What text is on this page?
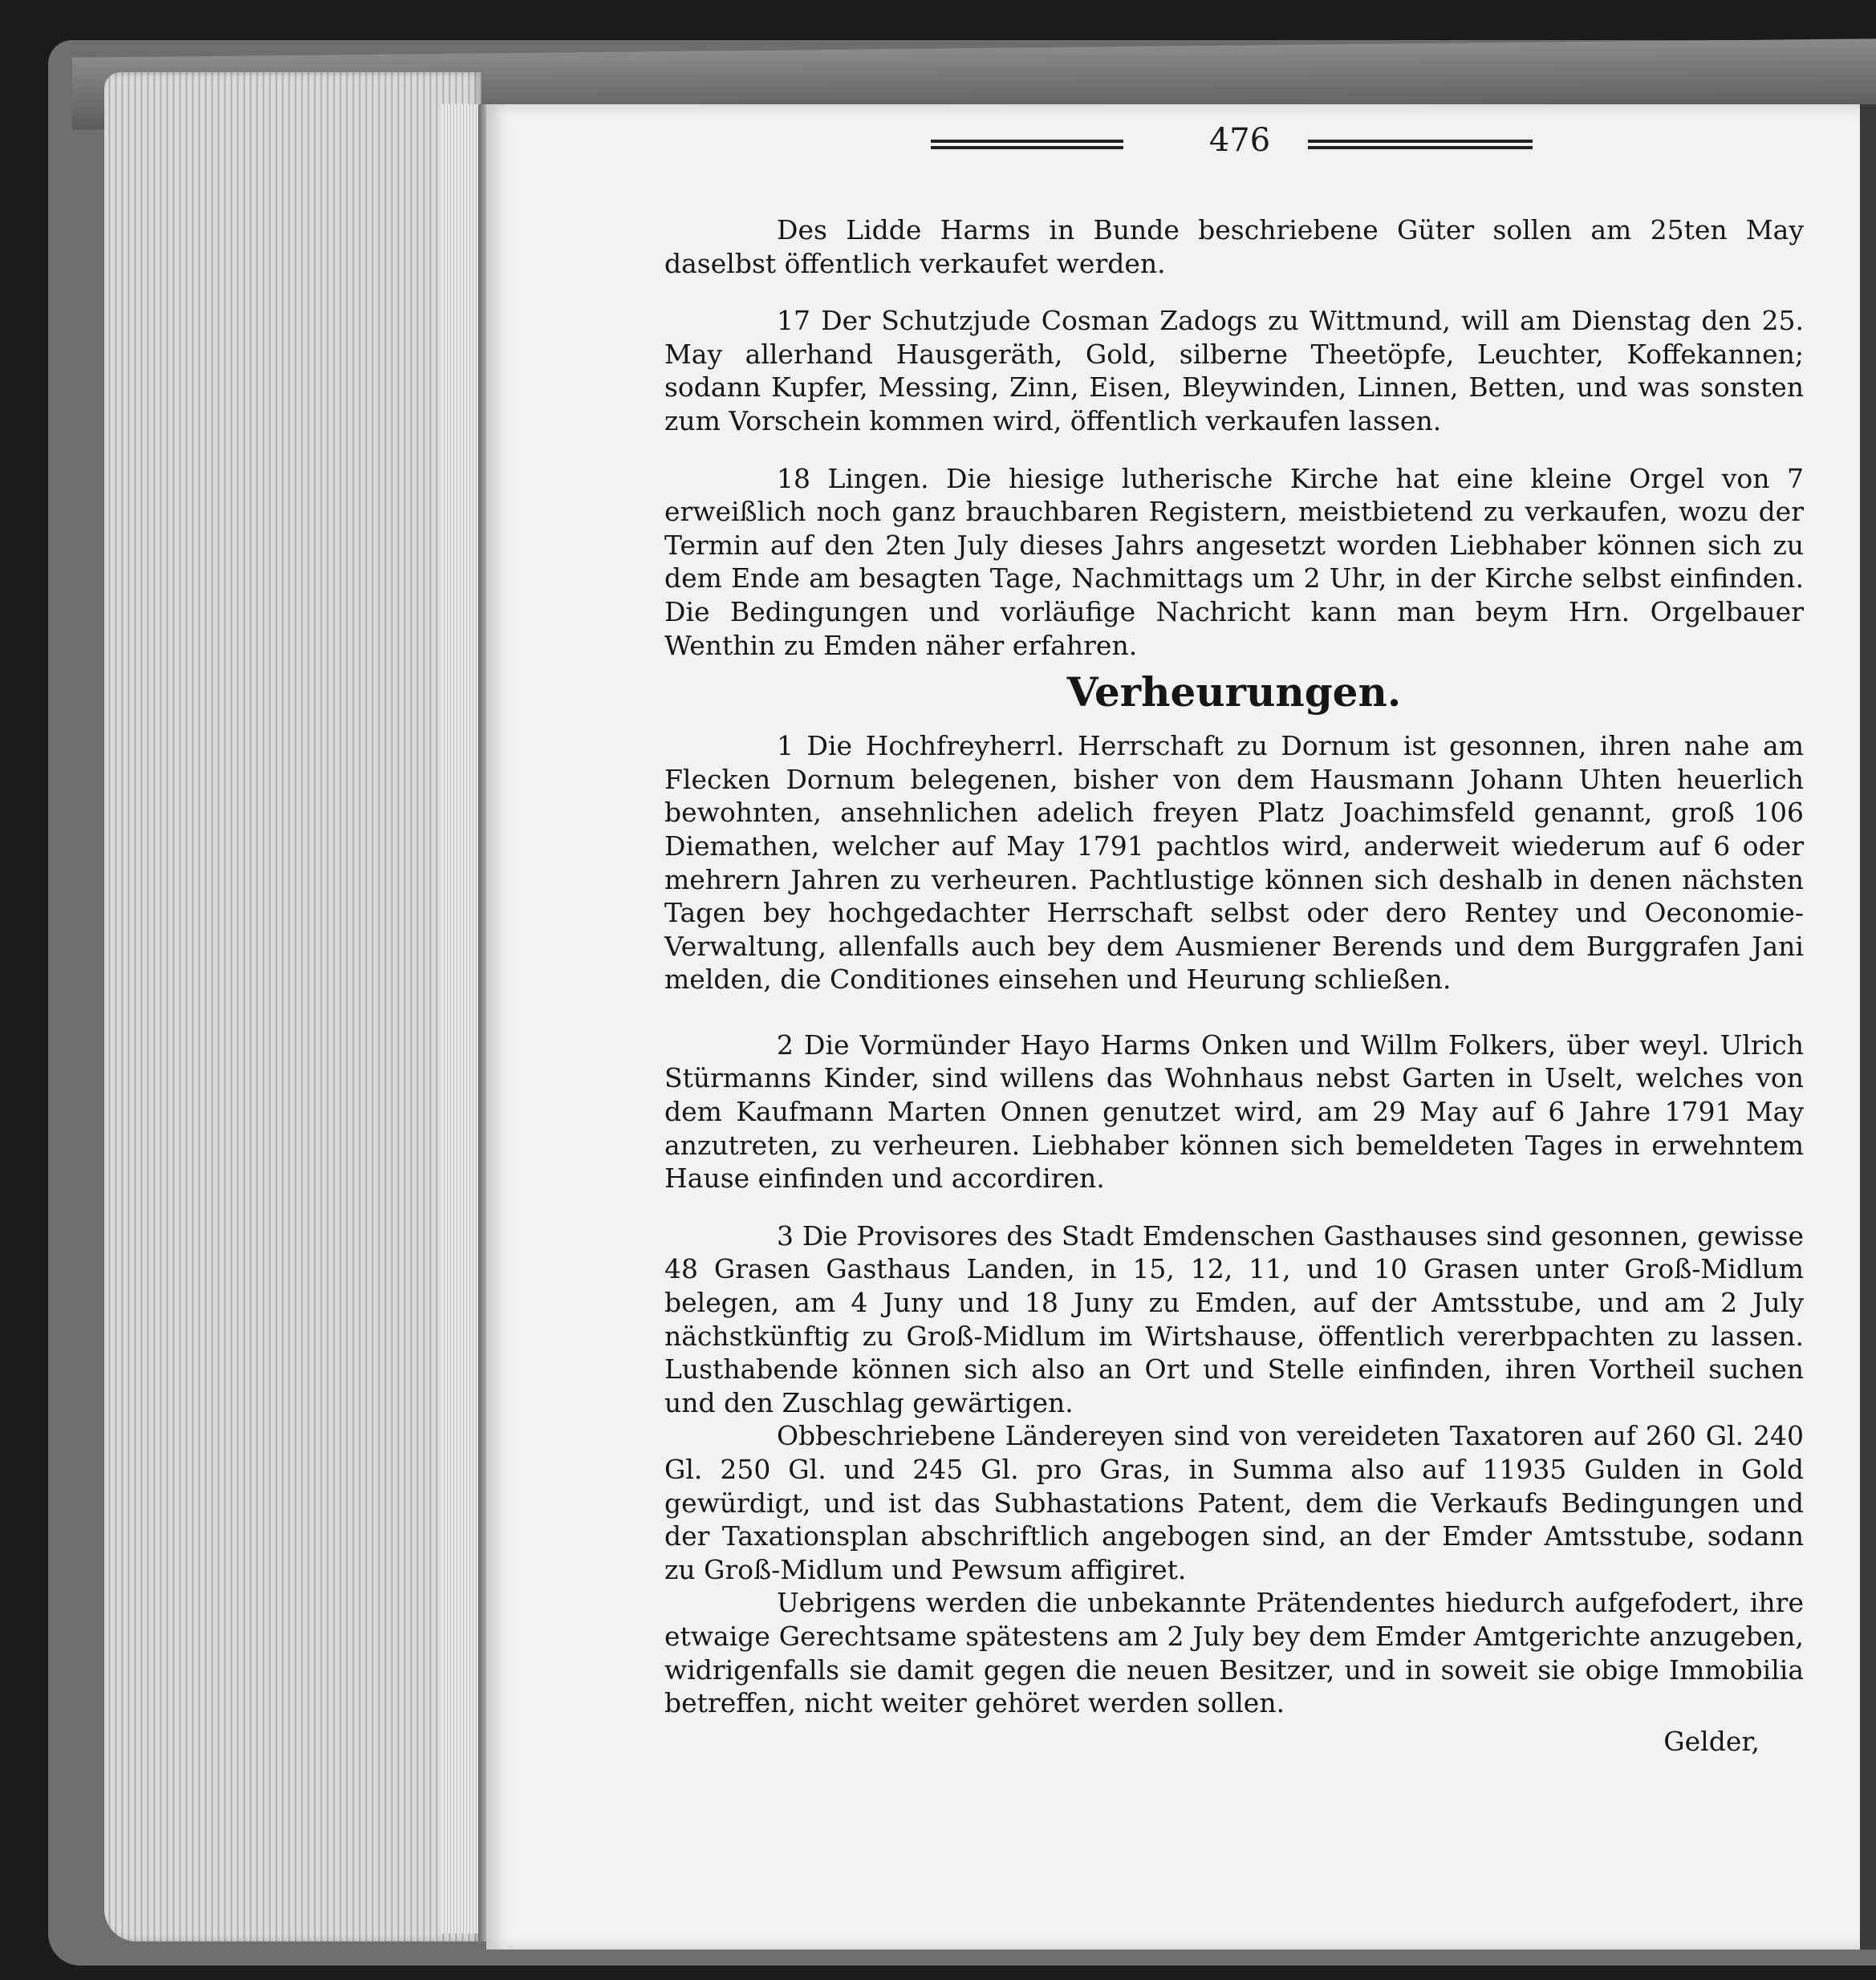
476

Des Lidde Harms in Bunde beschriebene Güter sollen am 25ten May daselbst öffentlich verkaufet werden.

17 Der Schutzjude Cosman Zadogs zu Wittmund, will am Dienstag den 25. May allerhand Hausgeräth, Gold, silberne Theetöpfe, Leuchter, Koffekannen; sodann Kupfer, Messing, Zinn, Eisen, Bleywinden, Linnen, Betten, und was sonsten zum Vorschein kommen wird, öffentlich verkaufen lassen.

18 Lingen. Die hiesige lutherische Kirche hat eine kleine Orgel von 7 erweißlich noch ganz brauchbaren Registern, meistbietend zu verkaufen, wozu der Termin auf den 2ten July dieses Jahrs angesetzt worden Liebhaber können sich zu dem Ende am besagten Tage, Nachmittags um 2 Uhr, in der Kirche selbst einfinden. Die Bedingungen und vorläufige Nachricht kann man beym Hrn. Orgelbauer Wenthin zu Emden näher erfahren.

Verheurungen.

1 Die Hochfreyherrl. Herrschaft zu Dornum ist gesonnen, ihren nahe am Flecken Dornum belegenen, bisher von dem Hausmann Johann Uhten heuerlich bewohnten, ansehnlichen adelich freyen Platz Joachimsfeld genannt, groß 106 Diemathen, welcher auf May 1791 pachtlos wird, anderweit wiederum auf 6 oder mehrern Jahren zu verheuren. Pachtlustige können sich deshalb in denen nächsten Tagen bey hochgedachter Herrschaft selbst oder dero Rentey und Oeconomie-Verwaltung, allenfalls auch bey dem Ausmiener Berends und dem Burggrafen Jani melden, die Conditiones einsehen und Heurung schließen.

2 Die Vormünder Hayo Harms Onken und Willm Folkers, über weyl. Ulrich Stürmanns Kinder, sind willens das Wohnhaus nebst Garten in Uselt, welches von dem Kaufmann Marten Onnen genutzet wird, am 29 May auf 6 Jahre 1791 May anzutreten, zu verheuren. Liebhaber können sich bemeldeten Tages in erwehntem Hause einfinden und accordiren.

3 Die Provisores des Stadt Emdenschen Gasthauses sind gesonnen, gewisse 48 Grasen Gasthaus Landen, in 15, 12, 11, und 10 Grasen unter Groß-Midlum belegen, am 4 Juny und 18 Juny zu Emden, auf der Amtsstube, und am 2 July nächstkünftig zu Groß-Midlum im Wirtshause, öffentlich vererbpachten zu lassen. Lusthabende können sich also an Ort und Stelle einfinden, ihren Vortheil suchen und den Zuschlag gewärtigen.

Obbeschriebene Ländereyen sind von vereideten Taxatoren auf 260 Gl. 240 Gl. 250 Gl. und 245 Gl. pro Gras, in Summa also auf 11935 Gulden in Gold gewürdigt, und ist das Subhastations Patent, dem die Verkaufs Bedingungen und der Taxationsplan abschriftlich angebogen sind, an der Emder Amtsstube, sodann zu Groß-Midlum und Pewsum affigiret.

Uebrigens werden die unbekannte Prätendentes hiedurch aufgefodert, ihre etwaige Gerechtsame spätestens am 2 July bey dem Emder Amtgerichte anzugeben, widrigenfalls sie damit gegen die neuen Besitzer, und in soweit sie obige Immobilia betreffen, nicht weiter gehöret werden sollen.

Gelder,
